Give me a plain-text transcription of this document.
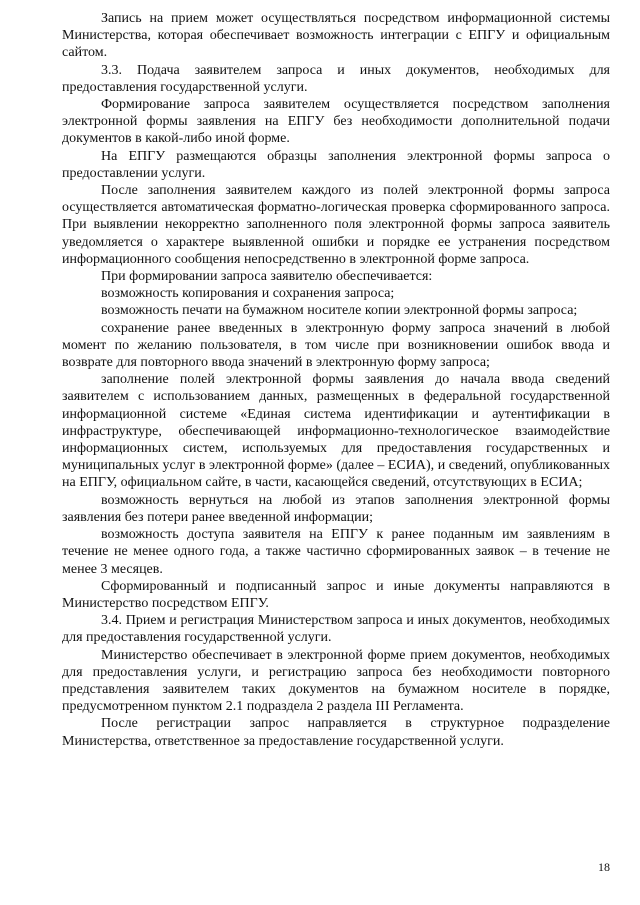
Запись на прием может осуществляться посредством информационной системы Министерства, которая обеспечивает возможность интеграции с ЕПГУ и официальным сайтом.

3.3. Подача заявителем запроса и иных документов, необходимых для предоставления государственной услуги.

Формирование запроса заявителем осуществляется посредством заполнения электронной формы заявления на ЕПГУ без необходимости дополнительной подачи документов в какой-либо иной форме.

На ЕПГУ размещаются образцы заполнения электронной формы запроса о предоставлении услуги.

После заполнения заявителем каждого из полей электронной формы запроса осуществляется автоматическая форматно-логическая проверка сформированного запроса. При выявлении некорректно заполненного поля электронной формы запроса заявитель уведомляется о характере выявленной ошибки и порядке ее устранения посредством информационного сообщения непосредственно в электронной форме запроса.

При формировании запроса заявителю обеспечивается:

возможность копирования и сохранения запроса;

возможность печати на бумажном носителе копии электронной формы запроса;

сохранение ранее введенных в электронную форму запроса значений в любой момент по желанию пользователя, в том числе при возникновении ошибок ввода и возврате для повторного ввода значений в электронную форму запроса;

заполнение полей электронной формы заявления до начала ввода сведений заявителем с использованием данных, размещенных в федеральной государственной информационной системе «Единая система идентификации и аутентификации в инфраструктуре, обеспечивающей информационно-технологическое взаимодействие информационных систем, используемых для предоставления государственных и муниципальных услуг в электронной форме» (далее – ЕСИА), и сведений, опубликованных на ЕПГУ, официальном сайте, в части, касающейся сведений, отсутствующих в ЕСИА;

возможность вернуться на любой из этапов заполнения электронной формы заявления без потери ранее введенной информации;

возможность доступа заявителя на ЕПГУ к ранее поданным им заявлениям в течение не менее одного года, а также частично сформированных заявок – в течение не менее 3 месяцев.

Сформированный и подписанный запрос и иные документы направляются в Министерство посредством ЕПГУ.

3.4. Прием и регистрация Министерством запроса и иных документов, необходимых для предоставления государственной услуги.

Министерство обеспечивает в электронной форме прием документов, необходимых для предоставления услуги, и регистрацию запроса без необходимости повторного представления заявителем таких документов на бумажном носителе в порядке, предусмотренном пунктом 2.1 подраздела 2 раздела III Регламента.

После регистрации запрос направляется в структурное подразделение Министерства, ответственное за предоставление государственной услуги.

18
